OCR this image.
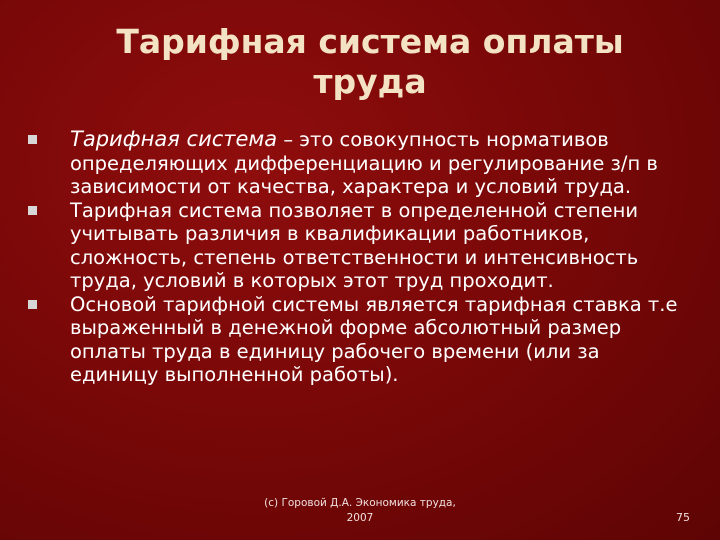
Тарифная система оплаты
труда
Тарифная система – это совокупность нормативов определяющих дифференциацию и регулирование з/п в зависимости от качества, характера и условий труда.
Тарифная система позволяет в определенной степени учитывать различия в квалификации работников, сложность, степень ответственности и интенсивность труда, условий в которых этот труд проходит.
Основой тарифной системы является тарифная ставка т.е выраженный в денежной форме абсолютный размер оплаты труда в единицу рабочего времени (или за единицу выполненной работы).
(c) Горовой Д.А. Экономика труда,
2007	75
